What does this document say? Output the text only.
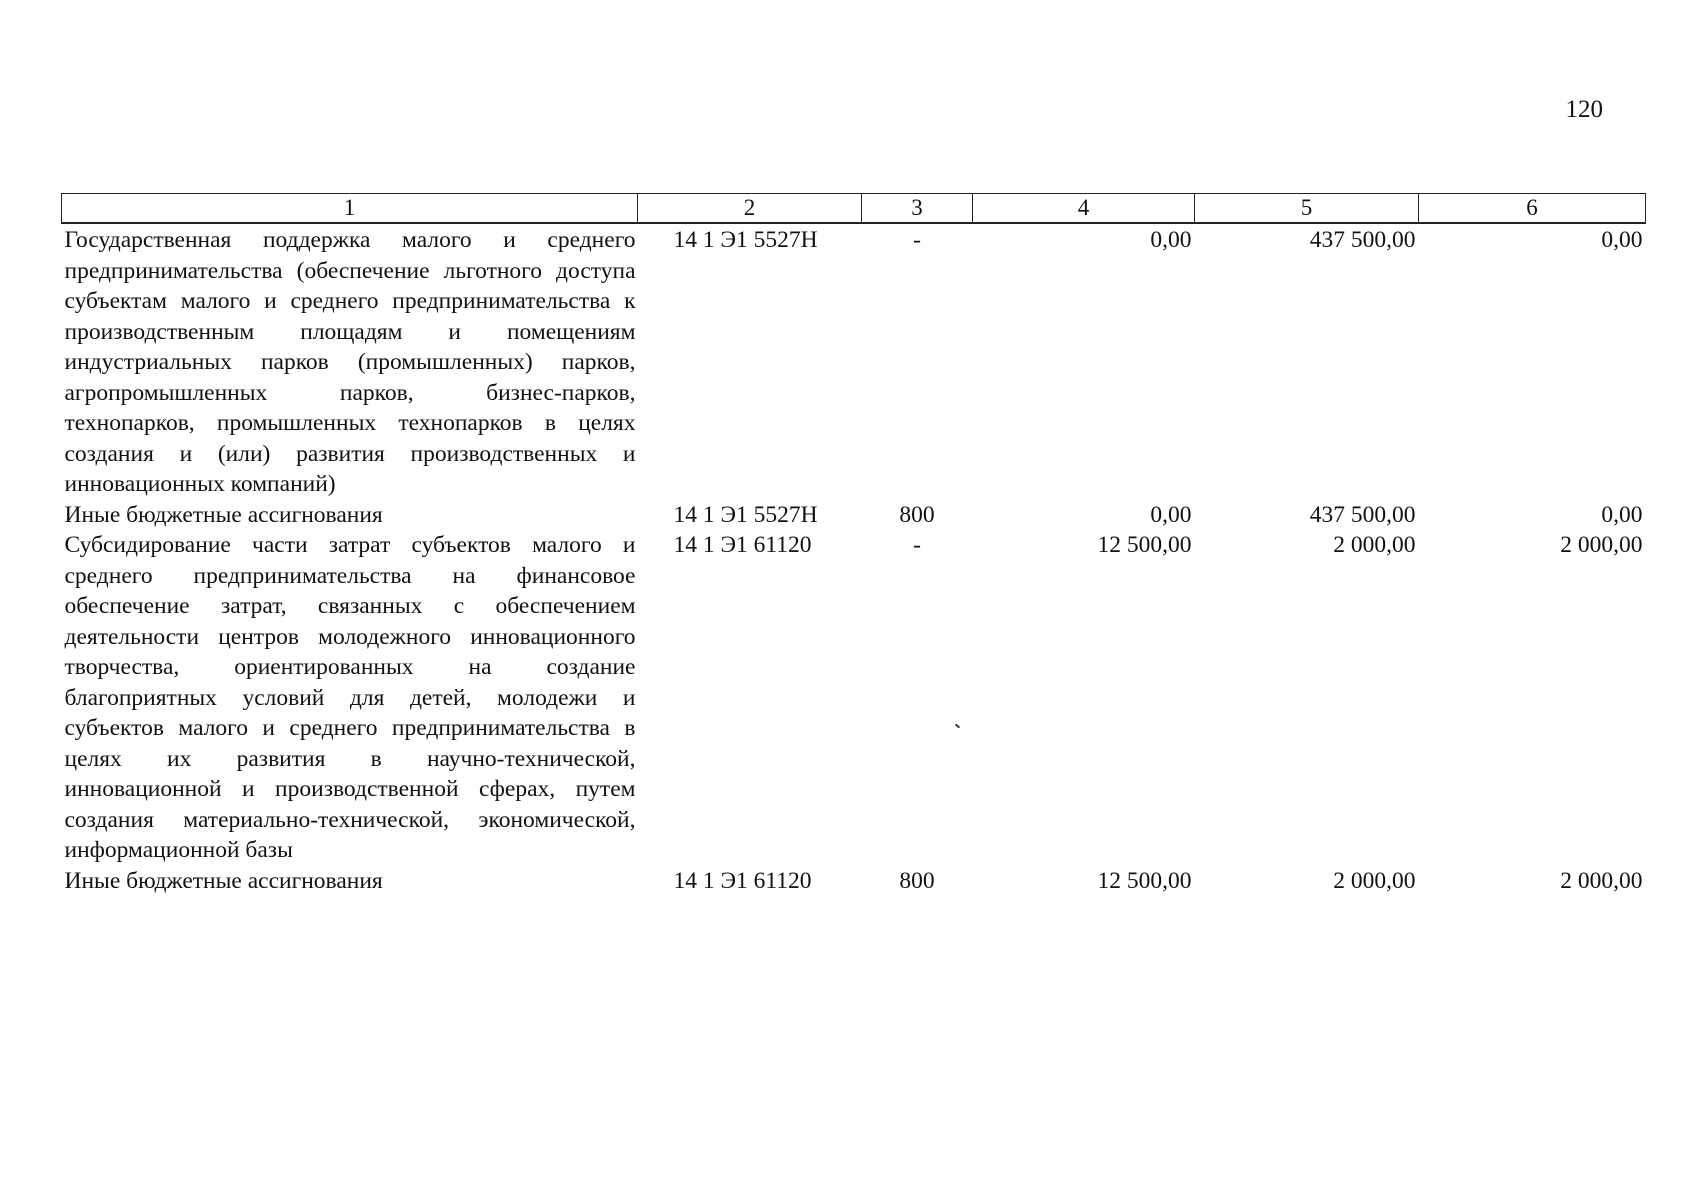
120
1	2	3	4	5	6
Государственная поддержка малого и среднего предпринимательства (обеспечение льготного доступа субъектам малого и среднего предпринимательства к производственным площадям и помещениям индустриальных парков (промышленных) парков, агропромышленных парков, бизнес-парков, технопарков, промышленных технопарков в целях создания и (или) развития производственных и инновационных компаний)	14 1 Э1 5527Н	-	0,00	437 500,00	0,00
Иные бюджетные ассигнования	14 1 Э1 5527Н	800	0,00	437 500,00	0,00
Субсидирование части затрат субъектов малого и среднего предпринимательства на финансовое обеспечение затрат, связанных с обеспечением деятельности центров молодежного инновационного творчества, ориентированных на создание благоприятных условий для детей, молодежи и субъектов малого и среднего предпринимательства в целях их развития в научно-технической, инновационной и производственной сферах, путем создания материально-технической, экономической, информационной базы	14 1 Э1 61120	-	12 500,00	2 000,00	2 000,00
Иные бюджетные ассигнования	14 1 Э1 61120	800	12 500,00	2 000,00	2 000,00
